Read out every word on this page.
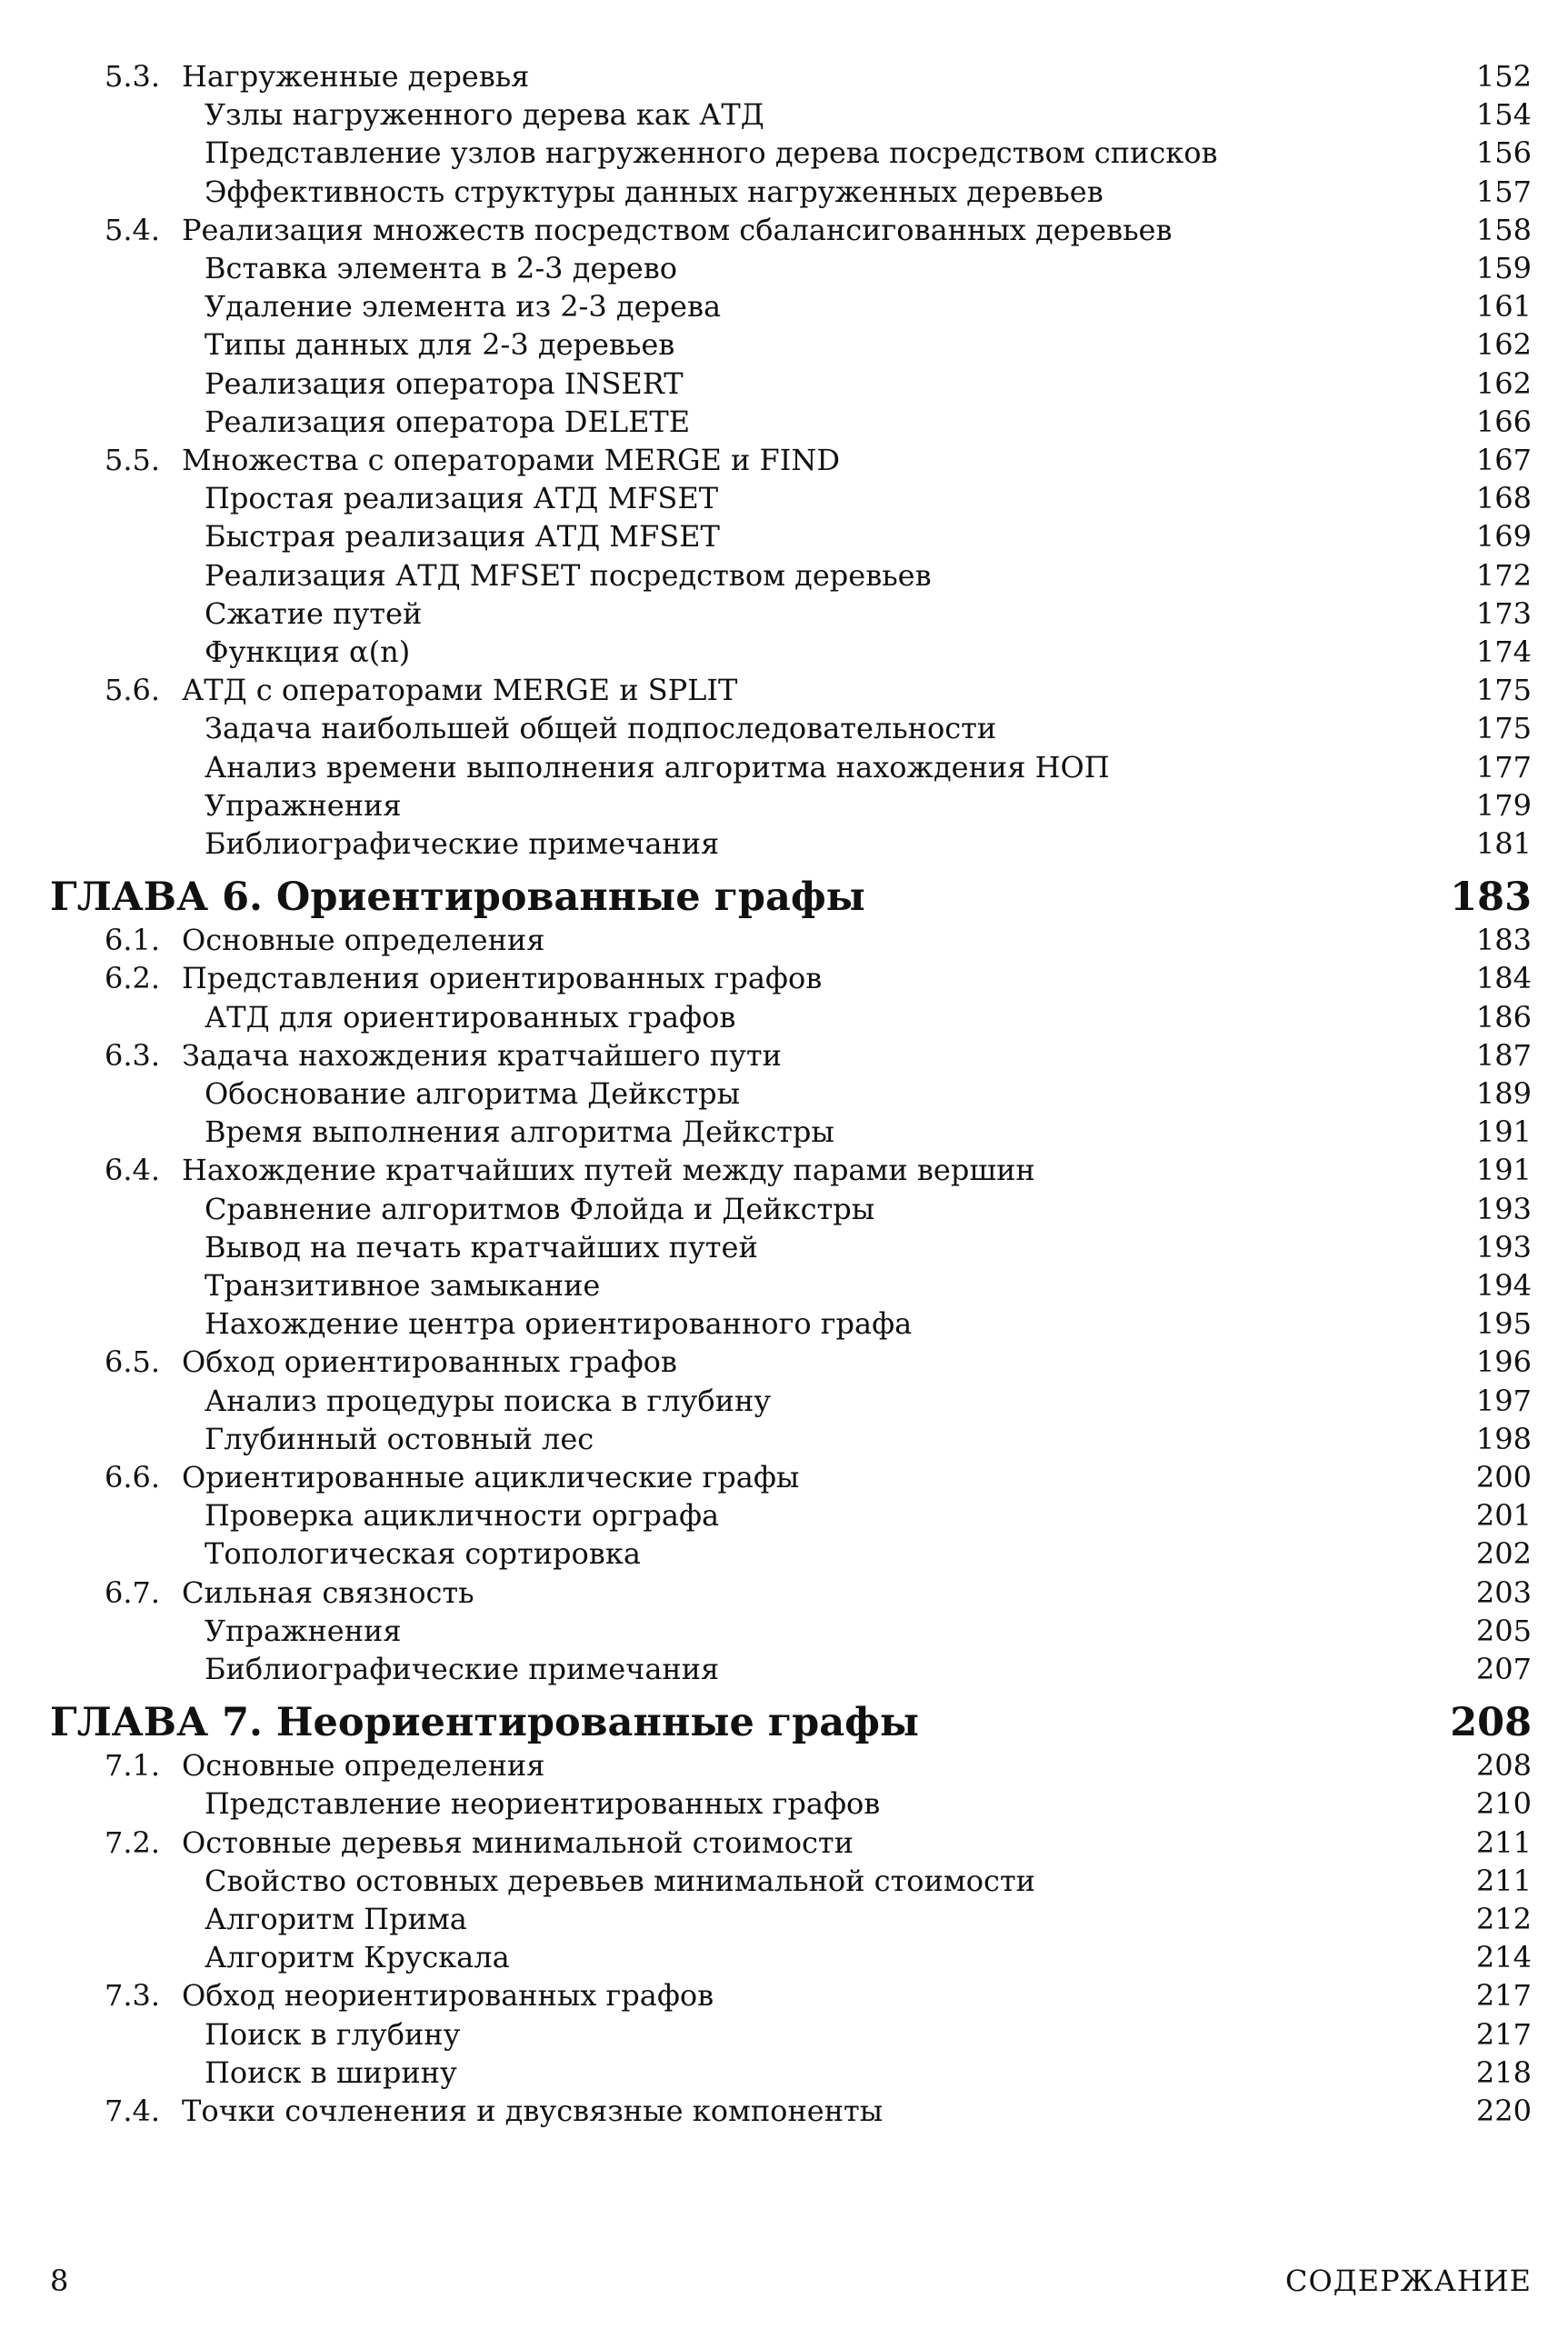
5.3. Нагруженные деревья	152
Узлы нагруженного дерева как АТД	154
Представление узлов нагруженного дерева посредством списков	156
Эффективность структуры данных нагруженных деревьев	157
5.4. Реализация множеств посредством сбалансигованных деревьев	158
Вставка элемента в 2-3 дерево	159
Удаление элемента из 2-3 дерева	161
Типы данных для 2-3 деревьев	162
Реализация оператора INSERT	162
Реализация оператора DELETE	166
5.5. Множества с операторами MERGE и FIND	167
Простая реализация АТД MFSET	168
Быстрая реализация АТД MFSET	169
Реализация АТД MFSET посредством деревьев	172
Сжатие путей	173
Функция α(n)	174
5.6. АТД с операторами MERGE и SPLIT	175
Задача наибольшей общей подпоследовательности	175
Анализ времени выполнения алгоритма нахождения НОП	177
Упражнения	179
Библиографические примечания	181
ГЛАВА 6. Ориентированные графы	183
6.1. Основные определения	183
6.2. Представления ориентированных графов	184
АТД для ориентированных графов	186
6.3. Задача нахождения кратчайшего пути	187
Обоснование алгоритма Дейкстры	189
Время выполнения алгоритма Дейкстры	191
6.4. Нахождение кратчайших путей между парами вершин	191
Сравнение алгоритмов Флойда и Дейкстры	193
Вывод на печать кратчайших путей	193
Транзитивное замыкание	194
Нахождение центра ориентированного графа	195
6.5. Обход ориентированных графов	196
Анализ процедуры поиска в глубину	197
Глубинный остовный лес	198
6.6. Ориентированные ациклические графы	200
Проверка ацикличности орграфа	201
Топологическая сортировка	202
6.7. Сильная связность	203
Упражнения	205
Библиографические примечания	207
ГЛАВА 7. Неориентированные графы	208
7.1. Основные определения	208
Представление неориентированных графов	210
7.2. Остовные деревья минимальной стоимости	211
Свойство остовных деревьев минимальной стоимости	211
Алгоритм Прима	212
Алгоритм Крускала	214
7.3. Обход неориентированных графов	217
Поиск в глубину	217
Поиск в ширину	218
7.4. Точки сочленения и двусвязные компоненты	220
8	СОДЕРЖАНИЕ
